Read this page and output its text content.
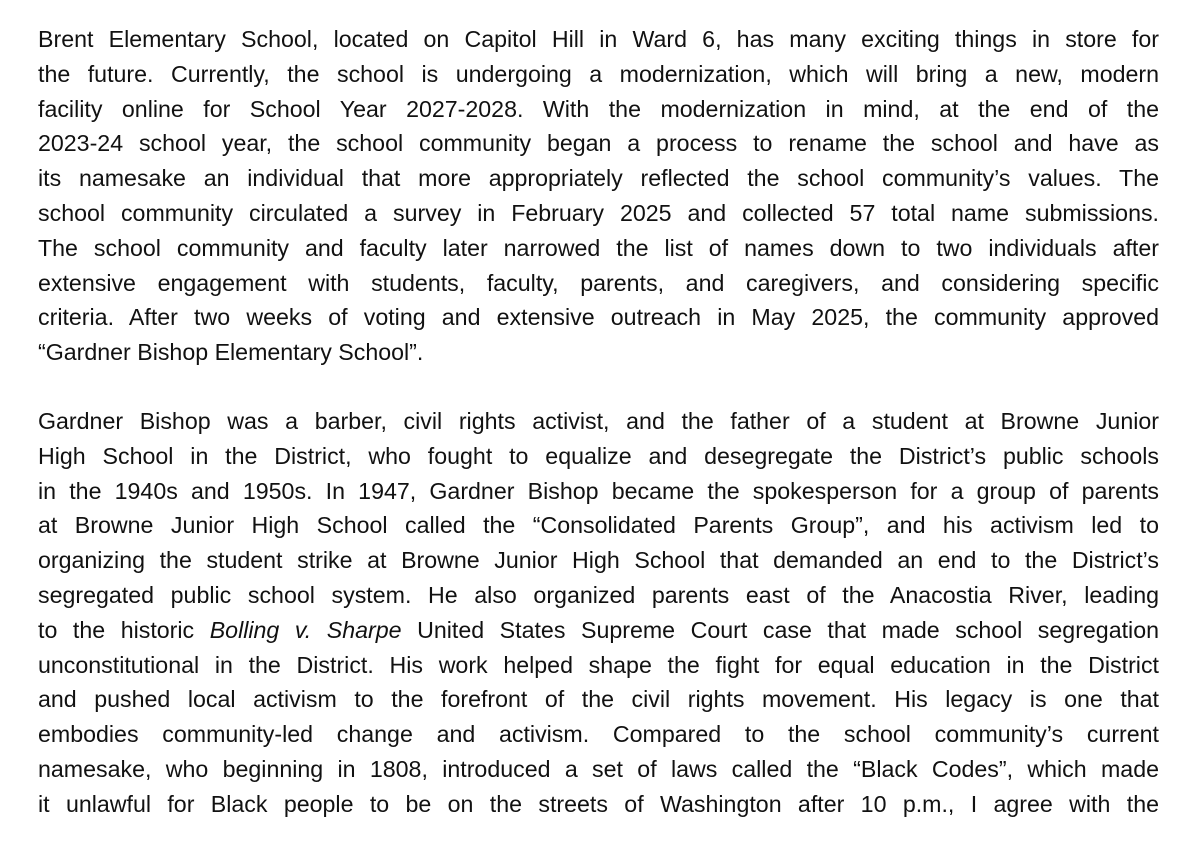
Brent Elementary School, located on Capitol Hill in Ward 6, has many exciting things in store for
the future. Currently, the school is undergoing a modernization, which will bring a new, modern
facility online for School Year 2027-2028. With the modernization in mind, at the end of the
2023-24 school year, the school community began a process to rename the school and have as
its namesake an individual that more appropriately reflected the school community’s values. The
school community circulated a survey in February 2025 and collected 57 total name submissions.
The school community and faculty later narrowed the list of names down to two individuals after
extensive engagement with students, faculty, parents, and caregivers, and considering specific
criteria. After two weeks of voting and extensive outreach in May 2025, the community approved
“Gardner Bishop Elementary School”.
Gardner Bishop was a barber, civil rights activist, and the father of a student at Browne Junior
High School in the District, who fought to equalize and desegregate the District’s public schools
in the 1940s and 1950s. In 1947, Gardner Bishop became the spokesperson for a group of parents
at Browne Junior High School called the “Consolidated Parents Group”, and his activism led to
organizing the student strike at Browne Junior High School that demanded an end to the District’s
segregated public school system. He also organized parents east of the Anacostia River, leading
to the historic Bolling v. Sharpe United States Supreme Court case that made school segregation
unconstitutional in the District. His work helped shape the fight for equal education in the District
and pushed local activism to the forefront of the civil rights movement. His legacy is one that
embodies community-led change and activism. Compared to the school community’s current
namesake, who beginning in 1808, introduced a set of laws called the “Black Codes”, which made
it unlawful for Black people to be on the streets of Washington after 10 p.m., I agree with the
